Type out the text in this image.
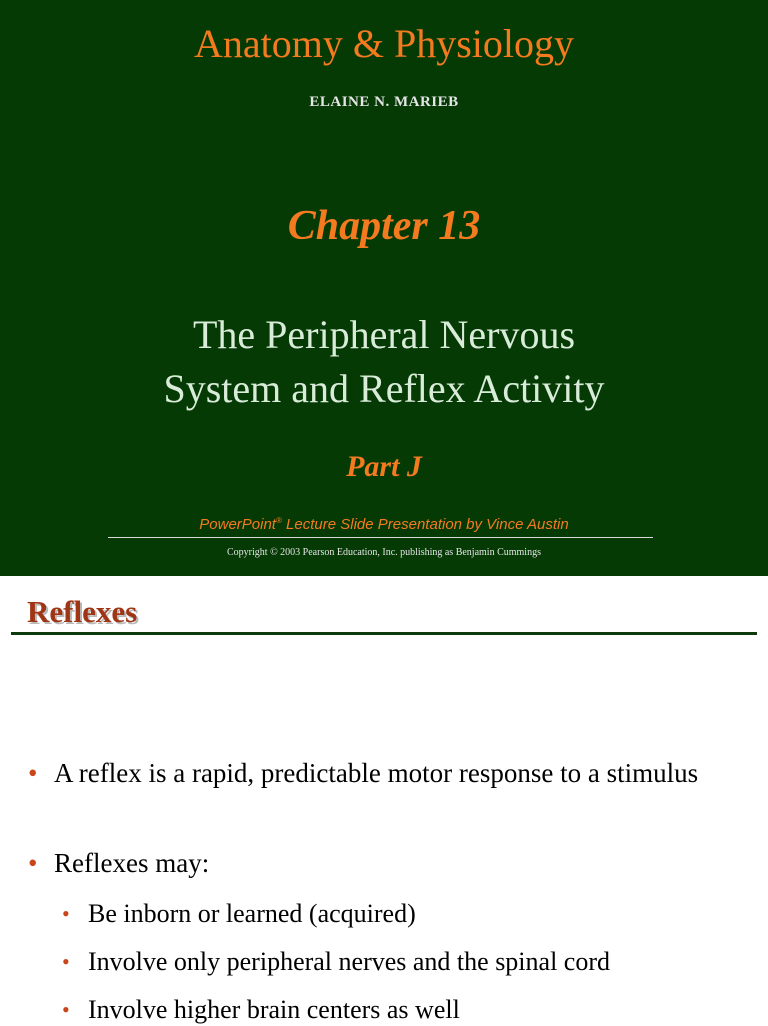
Anatomy & Physiology
ELAINE N. MARIEB
Chapter 13
The Peripheral Nervous
System and Reflex Activity
Part J
PowerPoint® Lecture Slide Presentation by Vince Austin
Copyright © 2003 Pearson Education, Inc. publishing as Benjamin Cummings
Reflexes
• A reflex is a rapid, predictable motor response to a stimulus
• Reflexes may:
• Be inborn or learned (acquired)
• Involve only peripheral nerves and the spinal cord
• Involve higher brain centers as well
